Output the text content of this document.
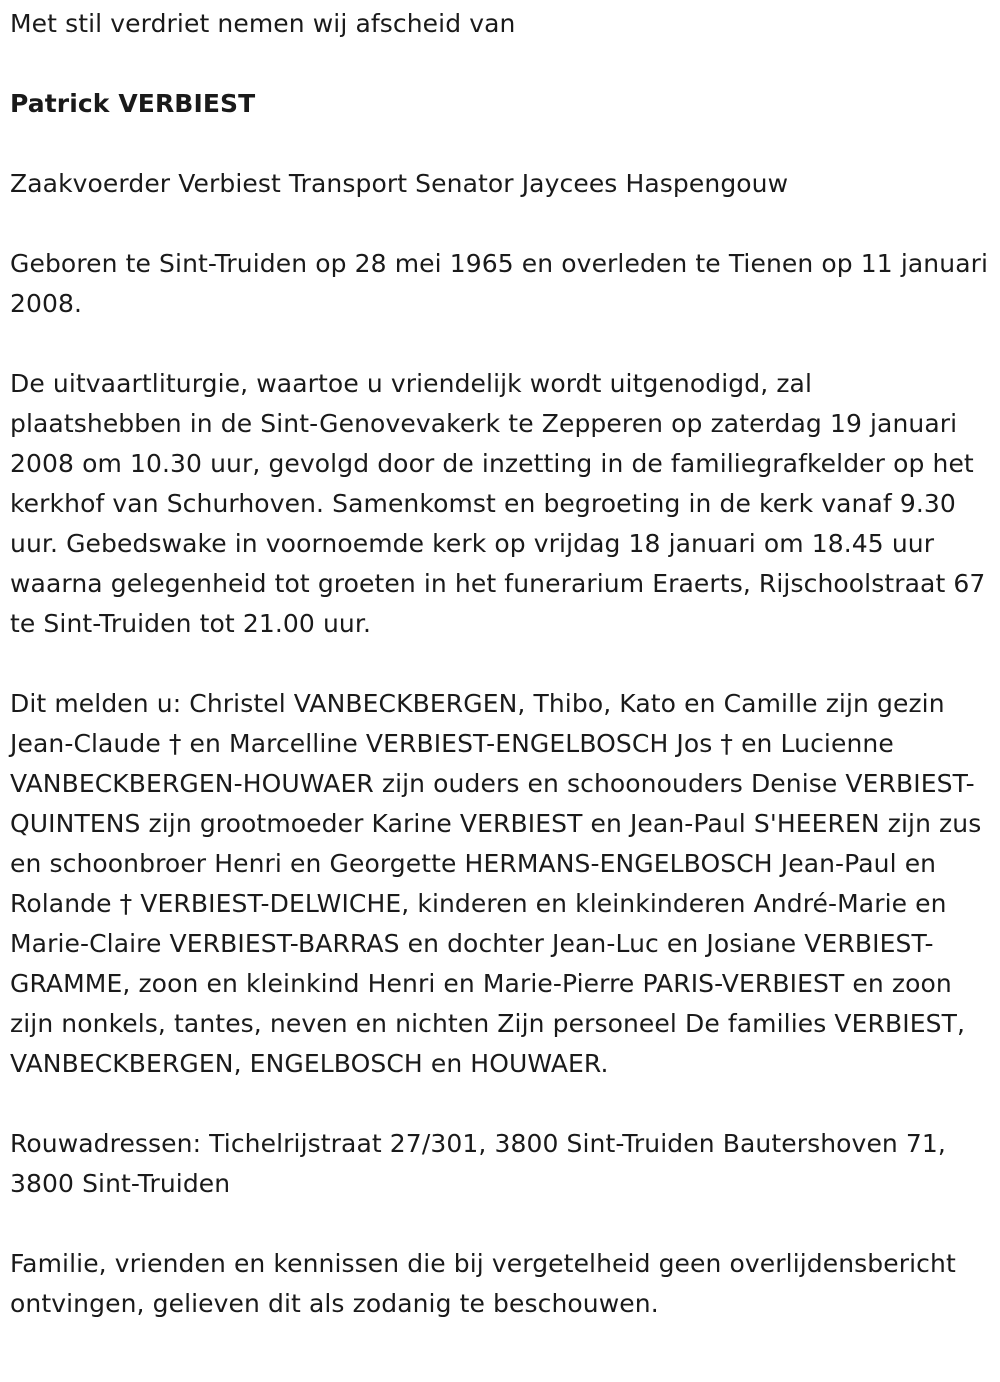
Met stil verdriet nemen wij afscheid van

Patrick VERBIEST

Zaakvoerder Verbiest Transport Senator Jaycees Haspengouw

Geboren te Sint-Truiden op 28 mei 1965 en overleden te Tienen op 11 januari 2008.

De uitvaartliturgie, waartoe u vriendelijk wordt uitgenodigd, zal plaatshebben in de Sint-Genovevakerk te Zepperen op zaterdag 19 januari 2008 om 10.30 uur, gevolgd door de inzetting in de familiegrafkelder op het kerkhof van Schurhoven. Samenkomst en begroeting in de kerk vanaf 9.30 uur. Gebedswake in voornoemde kerk op vrijdag 18 januari om 18.45 uur waarna gelegenheid tot groeten in het funerarium Eraerts, Rijschoolstraat 67 te Sint-Truiden tot 21.00 uur.

Dit melden u: Christel VANBECKBERGEN, Thibo, Kato en Camille zijn gezin Jean-Claude † en Marcelline VERBIEST-ENGELBOSCH Jos † en Lucienne VANBECKBERGEN-HOUWAER zijn ouders en schoonouders Denise VERBIEST-QUINTENS zijn grootmoeder Karine VERBIEST en Jean-Paul S'HEEREN zijn zus en schoonbroer Henri en Georgette HERMANS-ENGELBOSCH Jean-Paul en Rolande † VERBIEST-DELWICHE, kinderen en kleinkinderen André-Marie en Marie-Claire VERBIEST-BARRAS en dochter Jean-Luc en Josiane VERBIEST-GRAMME, zoon en kleinkind Henri en Marie-Pierre PARIS-VERBIEST en zoon zijn nonkels, tantes, neven en nichten Zijn personeel De families VERBIEST, VANBECKBERGEN, ENGELBOSCH en HOUWAER.

Rouwadressen: Tichelrijstraat 27/301, 3800 Sint-Truiden Bautershoven 71, 3800 Sint-Truiden

Familie, vrienden en kennissen die bij vergetelheid geen overlijdensbericht ontvingen, gelieven dit als zodanig te beschouwen.
